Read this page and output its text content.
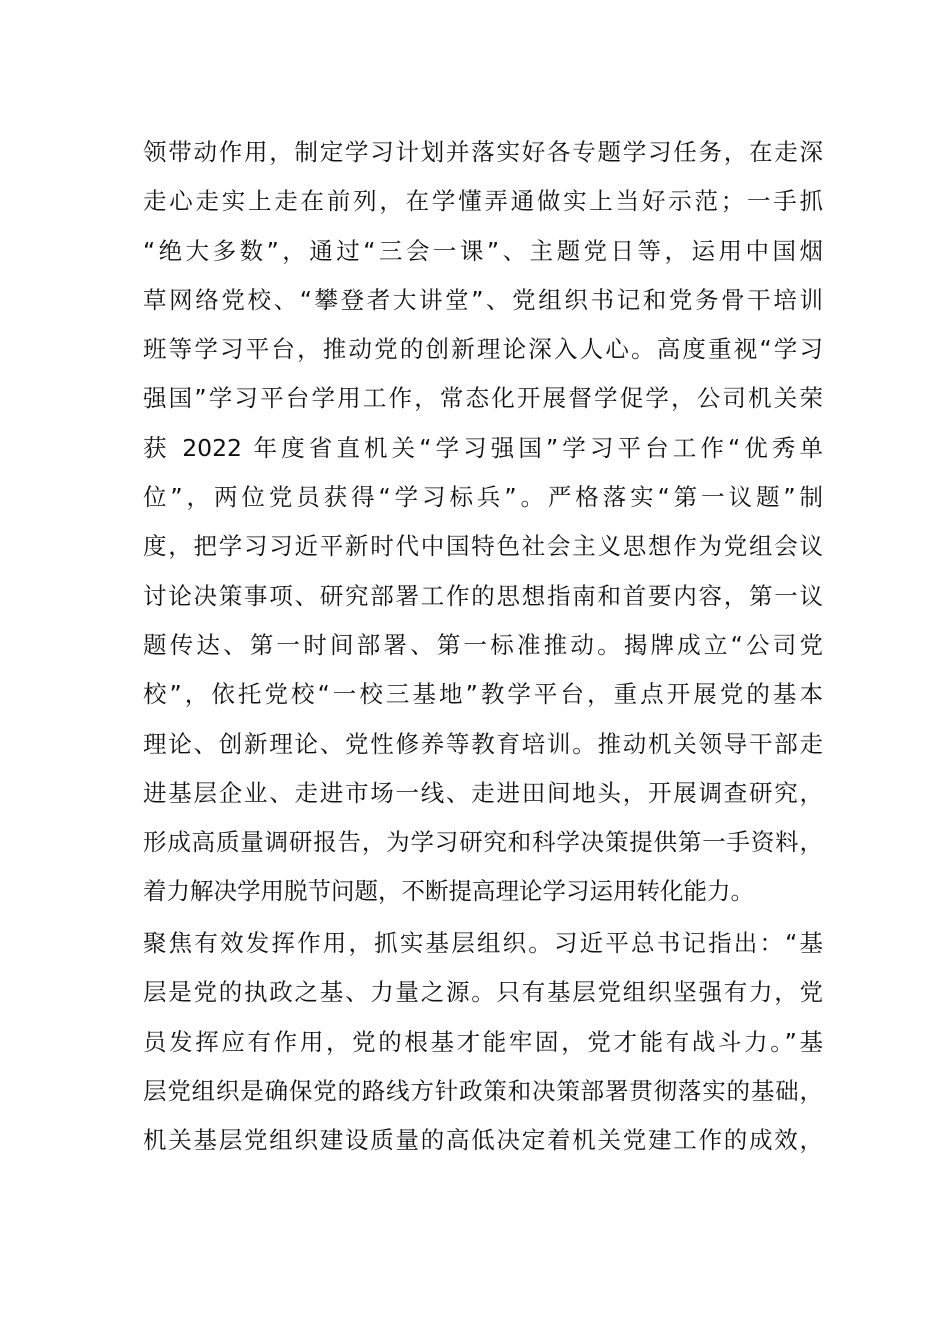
领带动作用，制定学习计划并落实好各专题学习任务，在走深
走心走实上走在前列，在学懂弄通做实上当好示范；一手抓
“绝大多数”，通过“三会一课”、主题党日等，运用中国烟
草网络党校、“攀登者大讲堂”、党组织书记和党务骨干培训
班等学习平台，推动党的创新理论深入人心。高度重视“学习
强国”学习平台学用工作，常态化开展督学促学，公司机关荣
获 2022 年度省直机关“学习强国”学习平台工作“优秀单
位”，两位党员获得“学习标兵”。严格落实“第一议题”制
度，把学习习近平新时代中国特色社会主义思想作为党组会议
讨论决策事项、研究部署工作的思想指南和首要内容，第一议
题传达、第一时间部署、第一标准推动。揭牌成立“公司党
校”，依托党校“一校三基地”教学平台，重点开展党的基本
理论、创新理论、党性修养等教育培训。推动机关领导干部走
进基层企业、走进市场一线、走进田间地头，开展调查研究，
形成高质量调研报告，为学习研究和科学决策提供第一手资料，
着力解决学用脱节问题，不断提高理论学习运用转化能力。
聚焦有效发挥作用，抓实基层组织。习近平总书记指出：“基
层是党的执政之基、力量之源。只有基层党组织坚强有力，党
员发挥应有作用，党的根基才能牢固，党才能有战斗力。”基
层党组织是确保党的路线方针政策和决策部署贯彻落实的基础，
机关基层党组织建设质量的高低决定着机关党建工作的成效，
